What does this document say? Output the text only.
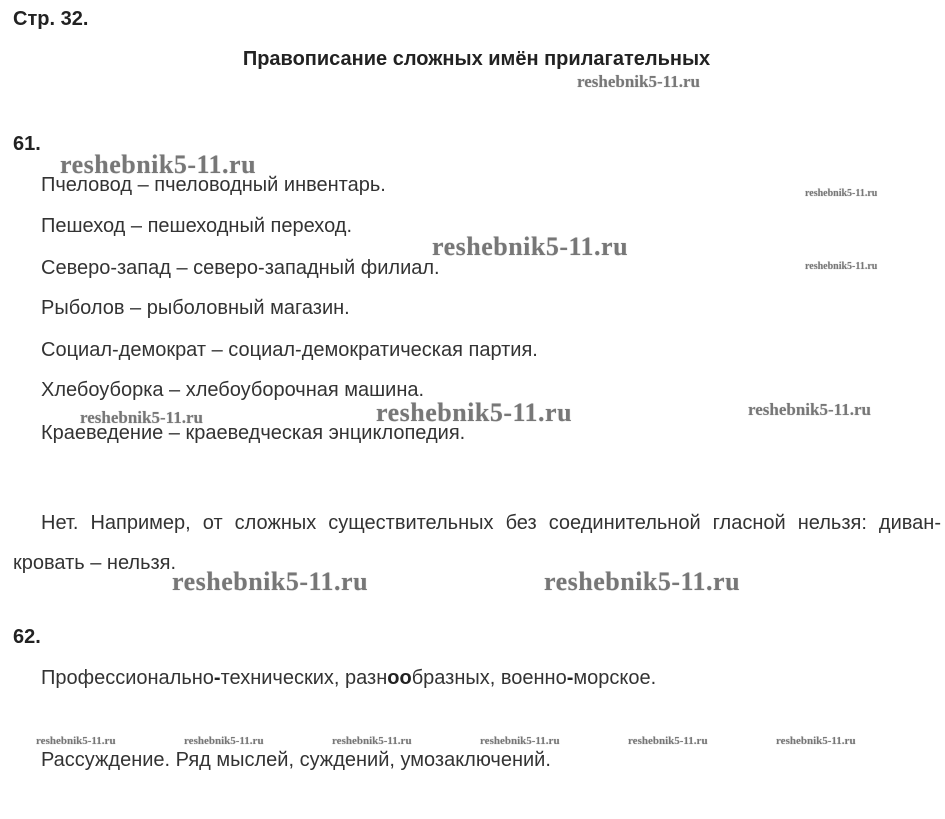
Стр. 32.
Правописание сложных имён прилагательных
reshebnik5-11.ru
61.
reshebnik5-11.ru
reshebnik5-11.ru
reshebnik5-11.ru
reshebnik5-11.ru
Пчеловод – пчеловодный инвентарь.
Пешеход – пешеходный переход.
Северо-запад – северо-западный филиал.
Рыболов – рыболовный магазин.
Социал-демократ – социал-демократическая партия.
Хлебоуборка – хлебоуборочная машина.
reshebnik5-11.ru	reshebnik5-11.ru	reshebnik5-11.ru
Краеведение – краеведческая энциклопедия.
Нет. Например, от сложных существительных без соединительной гласной нельзя: диван-кровать – нельзя.
reshebnik5-11.ru	reshebnik5-11.ru
62.
Профессионально-технических, разнообразных, военно-морское.
reshebnik5-11.ru	reshebnik5-11.ru	reshebnik5-11.ru	reshebnik5-11.ru	reshebnik5-11.ru	reshebnik5-11.ru
Рассуждение. Ряд мыслей, суждений, умозаключений.
